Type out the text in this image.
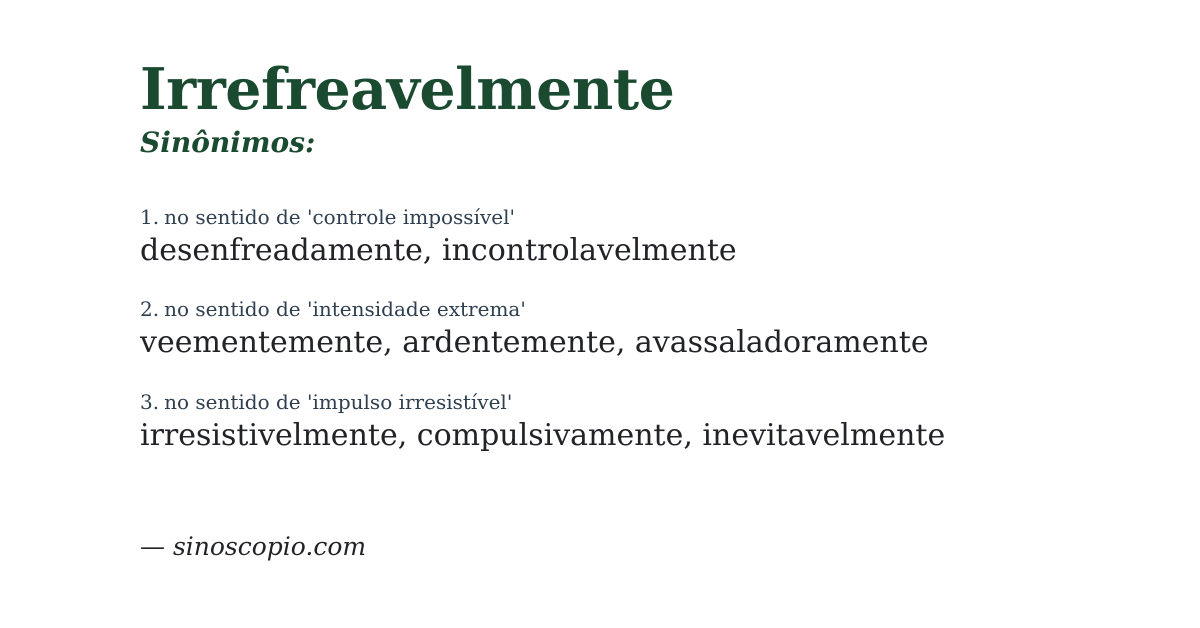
Irrefreavelmente
Sinônimos:
1. no sentido de 'controle impossível'
desenfreadamente, incontrolavelmente
2. no sentido de 'intensidade extrema'
veementemente, ardentemente, avassaladoramente
3. no sentido de 'impulso irresistível'
irresistivelmente, compulsivamente, inevitavelmente
— sinoscopio.com
